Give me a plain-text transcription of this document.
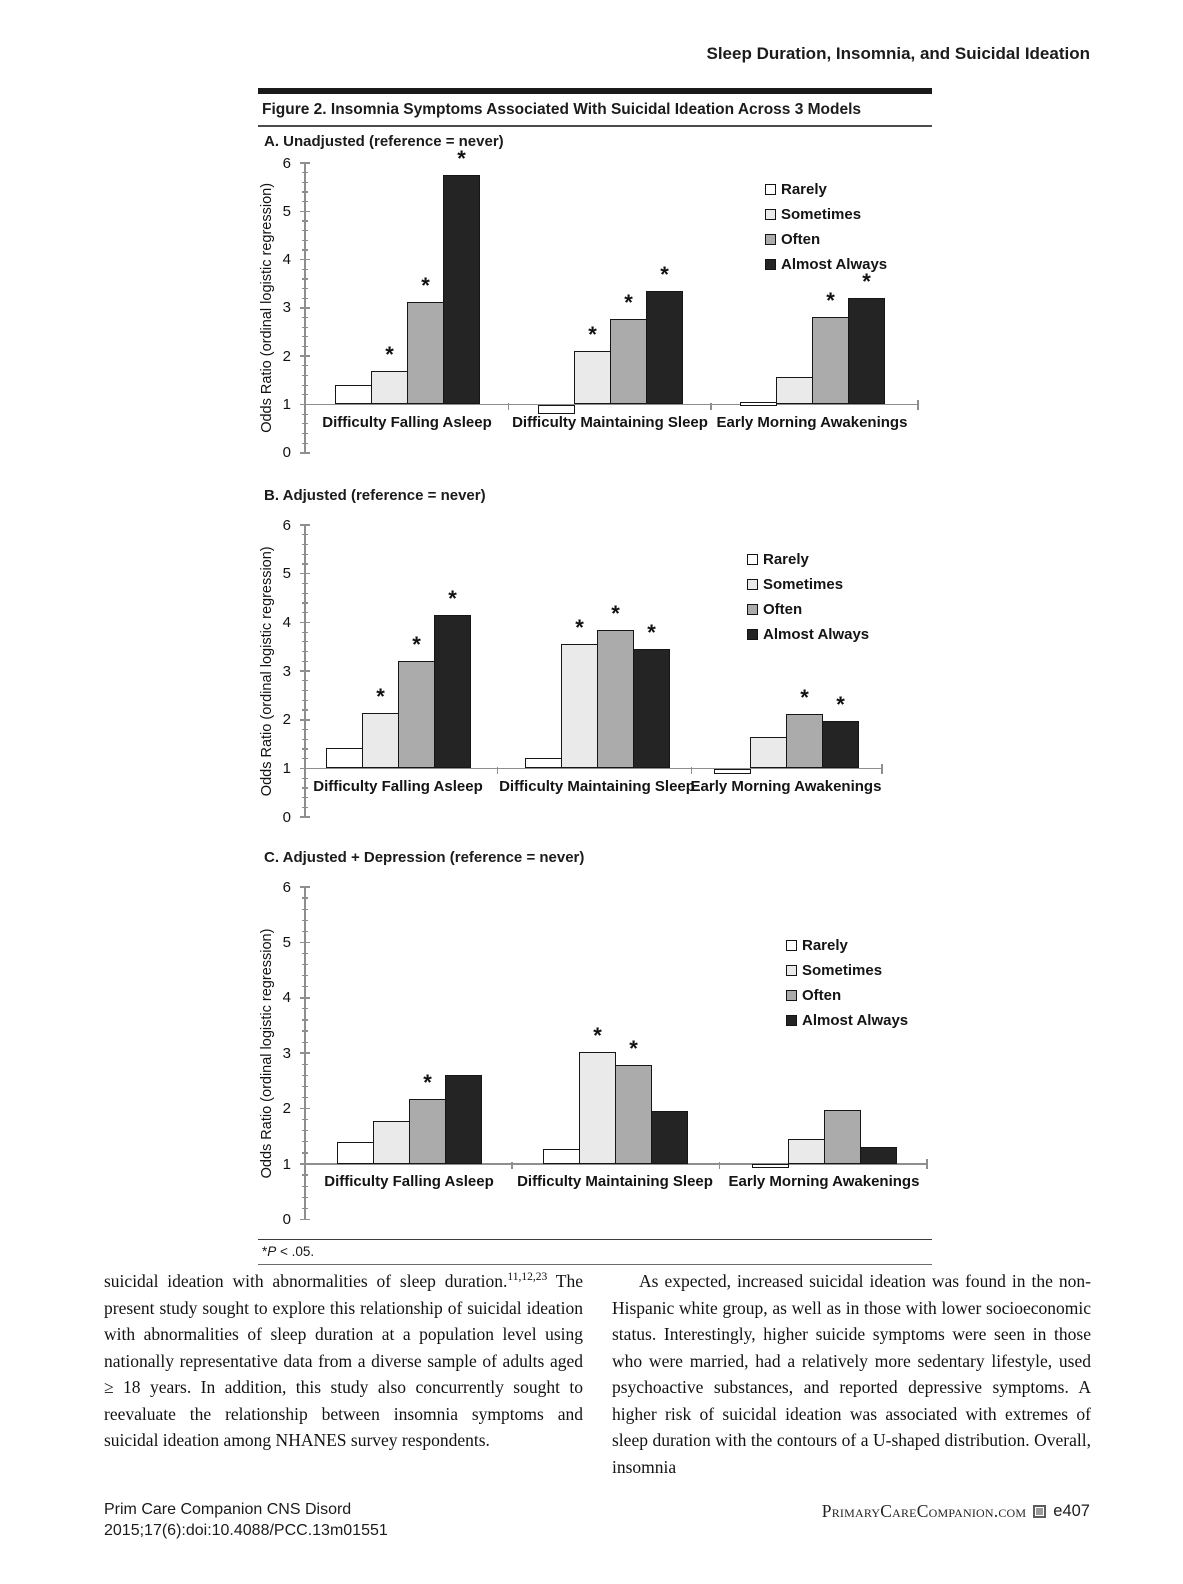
Sleep Duration, Insomnia, and Suicidal Ideation
Figure 2. Insomnia Symptoms Associated With Suicidal Ideation Across 3 Models
A. Unadjusted (reference = never)
Odds Ratio (ordinal logistic regression)
0
1
2
3
4
5
6
*
*
*
*	*
*
*	*
Difficulty Falling Asleep	Difficulty Maintaining Sleep Early Morning Awakenings
Rarely
Sometimes
Often
Almost Always
B. Adjusted (reference = never)
Odds Ratio (ordinal logistic regression)
0
1
2
3
4
5
6
*
*
*
*
*
*
*
*
Difficulty Falling Asleep	Difficulty Maintaining Sleep
Early Morning Awakenings
Rarely
Sometimes
Often
Almost Always
C. Adjusted + Depression (reference = never)
Odds Ratio (ordinal logistic regression)
0
1
2
3
4
5
6
*
*
*
Difficulty Falling Asleep	Difficulty Maintaining Sleep	Early Morning Awakenings
Rarely
Sometimes
Often
Almost Always
*P < .05.
suicidal ideation with abnormalities of sleep duration.$^{11,12,23}$ The present study sought to explore this relationship of suicidal ideation with abnormalities of sleep duration at a population level using nationally representative data from a diverse sample of adults aged ≥ 18 years. In addition, this study also concurrently sought to reevaluate the relationship between insomnia symptoms and suicidal ideation among NHANES survey respondents.
As expected, increased suicidal ideation was found in the non-Hispanic white group, as well as in those with lower socioeconomic status. Interestingly, higher suicide symptoms were seen in those who were married, had a relatively more sedentary lifestyle, used psychoactive substances, and reported depressive symptoms. A higher risk of suicidal ideation was associated with extremes of sleep duration with the contours of a U-shaped distribution. Overall, insomnia
Prim Care Companion CNS Disord
2015;17(6):doi:10.4088/PCC.13m01551
PrimaryCareCompanion.com e407
